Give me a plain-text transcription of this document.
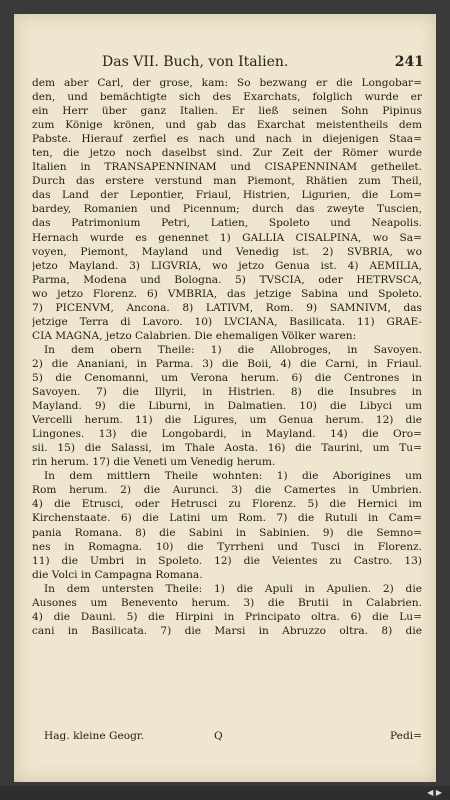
Das VII. Buch, von Italien.	241
dem aber Carl, der grose, kam: So bezwang er die Longobar=
den, und bemächtigte sich des Exarchats, folglich wurde er
ein Herr über ganz Italien. Er ließ seinen Sohn Pipinus
zum Könige krönen, und gab das Exarchat meistentheils dem
Pabste. Hierauf zerfiel es nach und nach in diejenigen Staa=
ten, die jetzo noch daselbst sind. Zur Zeit der Römer wurde
Italien in TRANSAPENNINAM und CISAPENNINAM getheilet.
Durch das erstere verstund man Piemont, Rhätien zum Theil,
das Land der Lepontier, Friaul, Histrien, Ligurien, die Lom=
bardey, Romanien und Picennum; durch das zweyte Tuscien,
das Patrimonium Petri, Latien, Spoleto und Neapolis.
Hernach wurde es genennet 1) GALLIA CISALPINA, wo Sa=
voyen, Piemont, Mayland und Venedig ist. 2) SVBRIA, wo
jetzo Mayland. 3) LIGVRIA, wo jetzo Genua ist. 4) AEMILIA,
Parma, Modena und Bologna. 5) TVSCIA, oder HETRVSCA,
wo jetzo Florenz. 6) VMBRIA, das jetzige Sabina und Spoleto.
7) PICENVM, Ancona. 8) LATIVM, Rom. 9) SAMNIVM, das
jetzige Terra di Lavoro. 10) LVCIANA, Basilicata. 11) GRAE-
CIA MAGNA, jetzo Calabrien. Die ehemaligen Völker waren:
In dem obern Theile: 1) die Allobroges, in Savoyen.
2) die Ananiani, in Parma. 3) die Boii, 4) die Carni, in Friaul.
5) die Cenomanni, um Verona herum. 6) die Centrones in
Savoyen. 7) die Illyrii, in Histrien. 8) die Insubres in
Mayland. 9) die Liburni, in Dalmatien. 10) die Libyci um
Vercelli herum. 11) die Ligures, um Genua herum. 12) die
Lingones. 13) die Longobardi, in Mayland. 14) die Oro=
sii. 15) die Salassi, im Thale Aosta. 16) die Taurini, um Tu=
rin herum. 17) die Veneti um Venedig herum.
In dem mittlern Theile wohnten: 1) die Aborigines um
Rom herum. 2) die Aurunci. 3) die Camertes in Umbrien.
4) die Etrusci, oder Hetrusci zu Florenz. 5) die Hernici im
Kirchenstaate. 6) die Latini um Rom. 7) die Rutuli in Cam=
pania Romana. 8) die Sabini in Sabinien. 9) die Semno=
nes in Romagna. 10) die Tyrrheni und Tusci in Florenz.
11) die Umbri in Spoleto. 12) die Veientes zu Castro. 13)
die Volci in Campagna Romana.
In dem untersten Theile: 1) die Apuli in Apulien. 2) die
Ausones um Benevento herum. 3) die Brutii in Calabrien.
4) die Dauni. 5) die Hirpini in Principato oltra. 6) die Lu=
cani in Basilicata. 7) die Marsi in Abruzzo oltra. 8) die
Hag. kleine Geogr.	Q	Pedi=
◀ ▶
